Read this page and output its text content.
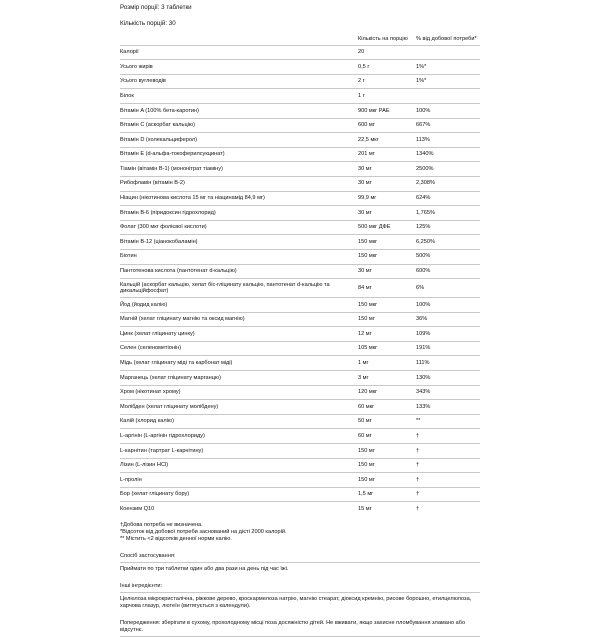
Розмір порції: 3 таблетки

Кількість порцій: 30

	Кількість на порцію	% від добової потреби*
Калорії	20	
Усього жирів	0,5 г	1%*
Усього вуглеводів	2 г	1%*
Білок	1 г	
Вітамін A (100% бета-каротин)	900 мкг РАЕ	100%
Вітамін C (аскорбат кальцію)	600 мг	667%
Вітамін D (холекальциферол)	22,5 мкг	113%
Вітамін E (d-альфа-токоферилсукцинат)	201 мг	1340%
Тіамін (вітамін B-1) (мононітрат тіаміну)	30 мг	2500%
Рибофлавін (вітамін B-2)	30 мг	2,308%
Ніацин (нікотинова кислота 15 мг та ніацинамід 84,9 мг)	99,9 мг	624%
Вітамін B-6 (піридоксин гідрохлорид)	30 мг	1,765%
Фолат (300 мкг фолієвої кислоти)	500 мкг ДФЕ	125%
Вітамін B-12 (ціанокобаламін)	150 мкг	6,250%
Біотин	150 мкг	500%
Пантотенова кислота (пантотенат d-кальцію)	30 мг	600%
Кальцій (аскорбат кальцію, хелат біс-гліцинату кальцію, пантотенат d-кальцію та дикальційфосфат)	84 мг	6%
Йод (йодид калію)	150 мкг	100%
Магній (хелат гліцинату магнію та оксид магнію)	150 мг	36%
Цинк (хелат гліцинату цинку)	12 мг	109%
Селен (селенометіонін)	105 мкг	191%
Мідь (хелат гліцинату міді та карбонат міді)	1 мг	111%
Марганець (хелат гліцинату марганцю)	3 мг	130%
Хром (нікотинат хрому)	120 мкг	343%
Молібден (хелат гліцинату молібдену)	60 мкг	133%
Калій (хлорид калію)	50 мг	**
L-аргінін (L-аргінін гідрохлориду)	60 мг	†
L-карнітин (тартрат L-карнітину)	150 мг	†
Лізин (L-лізин HCl)	150 мг	†
L-пролін	150 мг	†
Бор (хелат гліцинату бору)	1,5 мг	†
Коензим Q10	15 мг	†

†Добова потреба не визначена.

*Відсоток від добової потреби заснований на дієті 2000 калорій.

** Містить <2 відсотків денної норми калію.

Спосіб застосування:
Приймати по три таблетки один або два рази на день під час їжі.
Інші інгредієнти:
Целюлоза мікрокристалічна, ріжкове дерево, кроскармелоза натрію, магнію стеарат, діоксид кремнію, рисове борошно, етилцелюлоза, харчова глазур, лютеїн (витягується з календули).
Попередження: зберігати в сухому, прохолодному місці поза досяжністю дітей. Не вживати, якщо захисне пломбування зламано або відсутнє.
